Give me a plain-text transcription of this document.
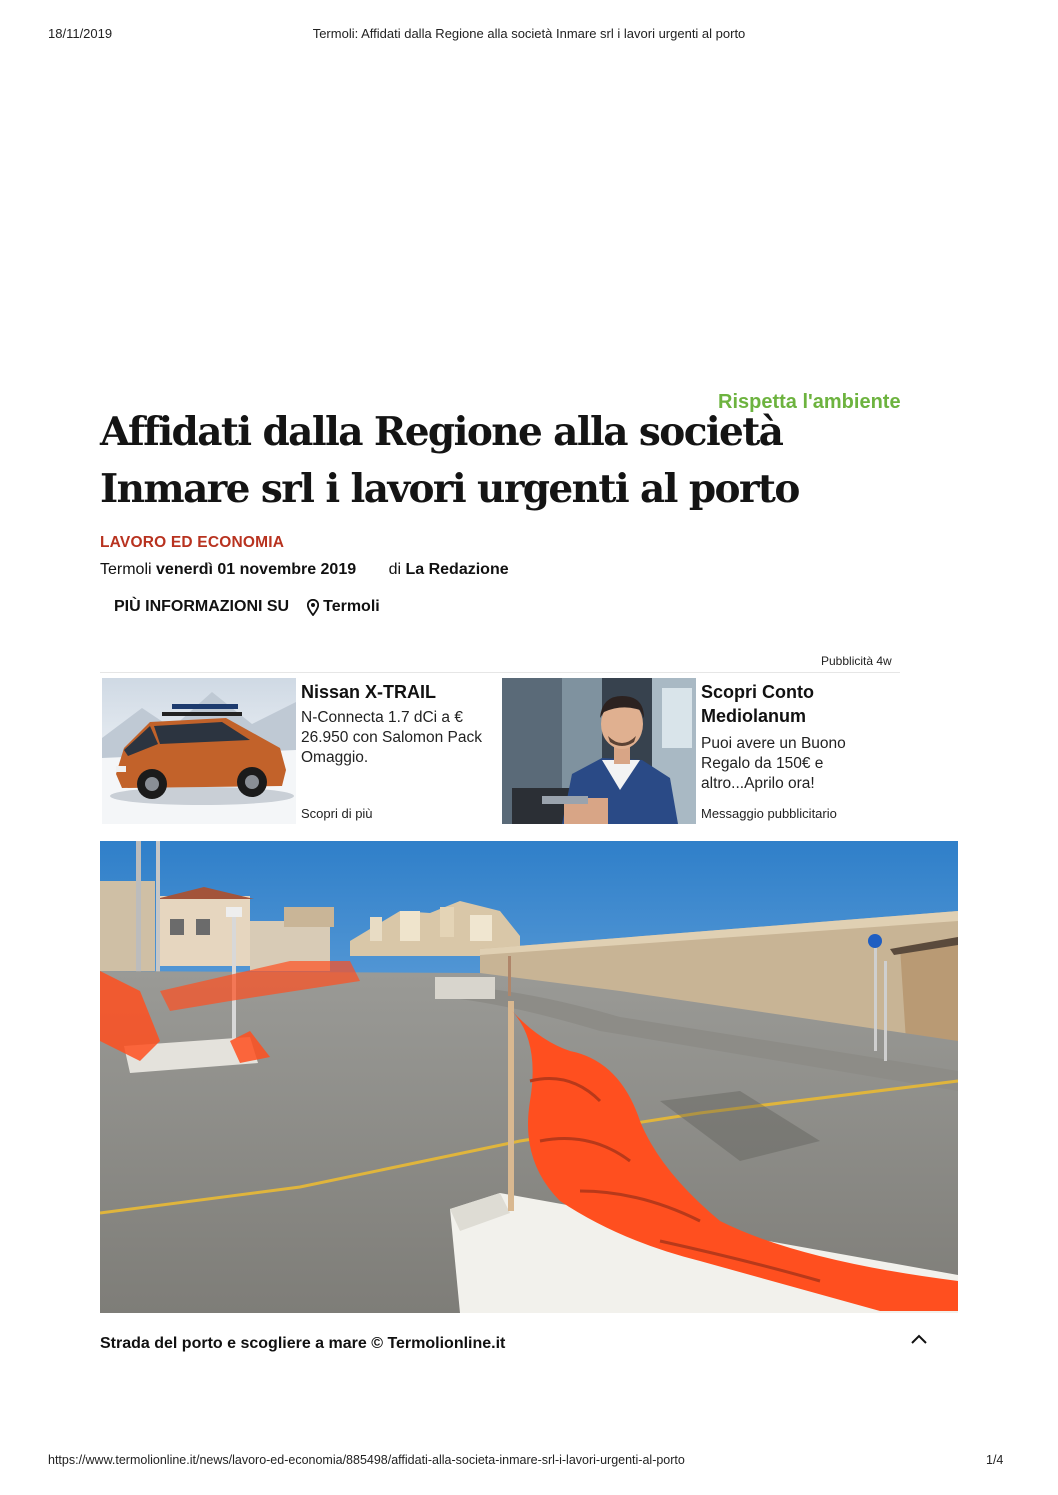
18/11/2019	Termoli: Affidati dalla Regione alla società Inmare srl i lavori urgenti al porto
Rispetta l'ambiente
Affidati dalla Regione alla società Inmare srl i lavori urgenti al porto
LAVORO ED ECONOMIA
Termoli venerdì 01 novembre 2019 di La Redazione
PIÙ INFORMAZIONI SU Termoli
Pubblicità 4w
Nissan X-TRAIL
N-Connecta 1.7 dCi a € 26.950 con Salomon Pack Omaggio.
Scopri di più
Scopri Conto Mediolanum
Puoi avere un Buono Regalo da 150€ e altro...Aprilo ora!
Messaggio pubblicitario
Strada del porto e scogliere a mare © Termolionline.it
https://www.termolionline.it/news/lavoro-ed-economia/885498/affidati-alla-societa-inmare-srl-i-lavori-urgenti-al-porto	1/4
